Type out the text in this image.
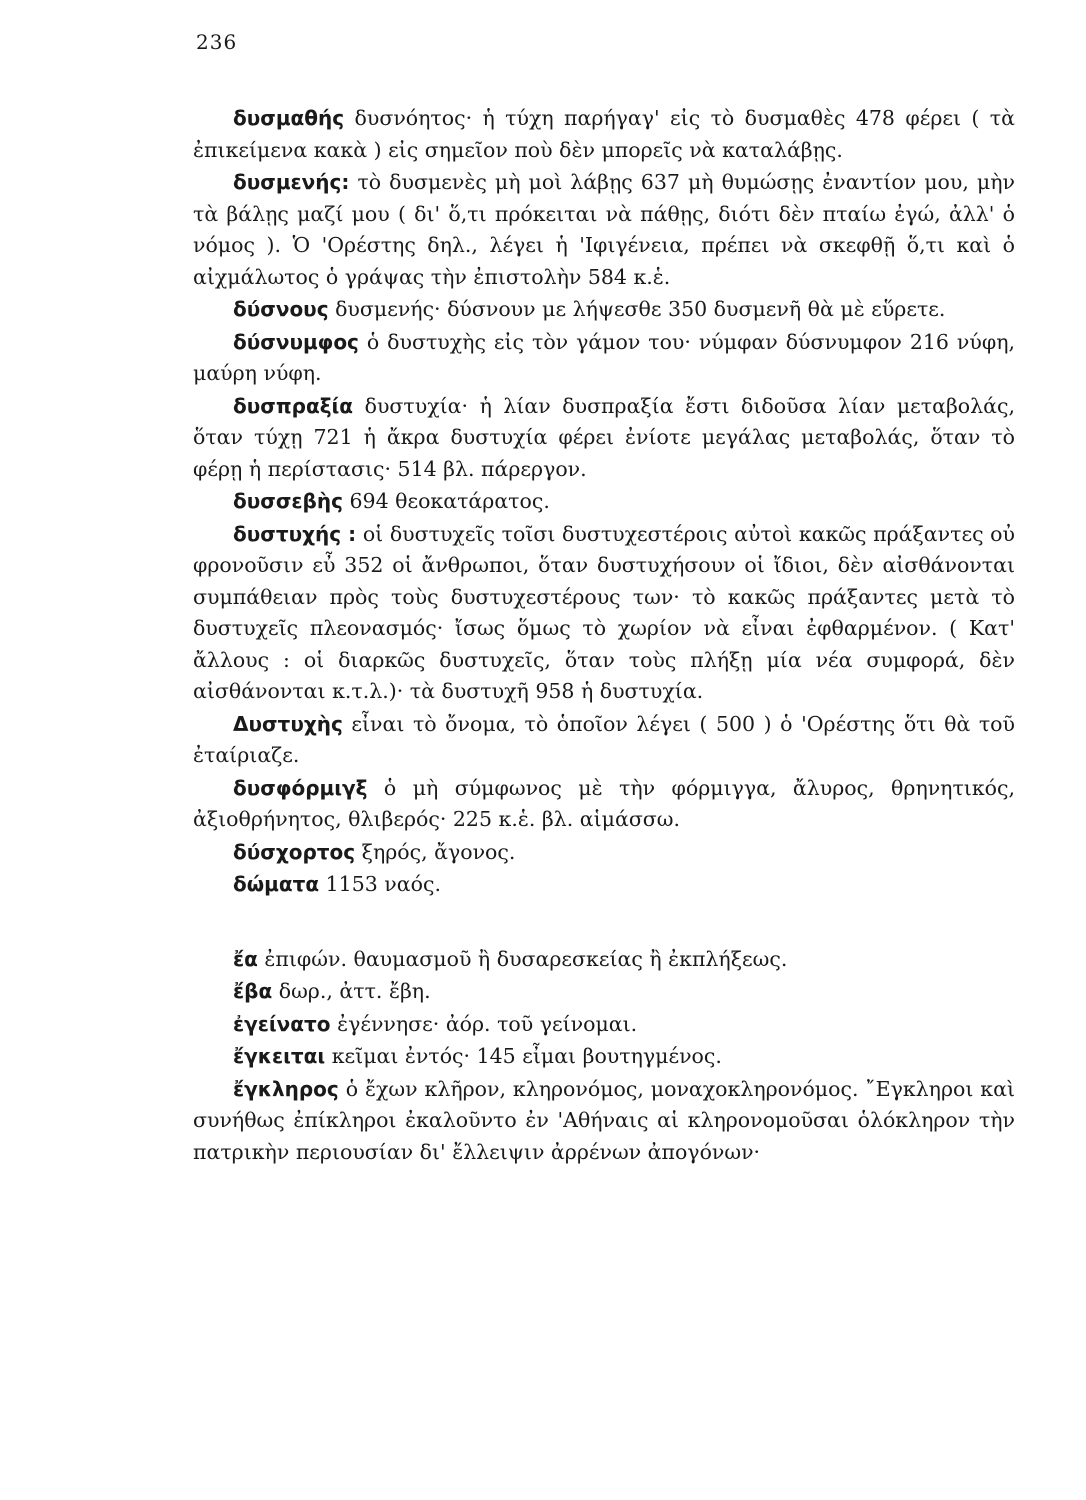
236

δυσμαθής δυσνόητος· ἡ τύχη παρήγαγ' εἰς τὸ δυσμαθὲς 478 φέρει ( τὰ ἐπικείμενα κακὰ ) εἰς σημεῖον ποὺ δὲν μπορεῖς νὰ καταλάβῃς.

δυσμενής: τὸ δυσμενὲς μὴ μοὶ λάβῃς 637 μὴ θυμώσῃς ἐναντίον μου, μὴν τὰ βάλῃς μαζί μου ( δι' ὅ,τι πρόκειται νὰ πάθῃς, διότι δὲν πταίω ἐγώ, ἀλλ' ὁ νόμος ). Ὁ 'Ορέστης δηλ., λέγει ἡ 'Ιφιγένεια, πρέπει νὰ σκεφθῇ ὅ,τι καὶ ὁ αἰχμάλωτος ὁ γράψας τὴν ἐπιστολὴν 584 κ.ἑ.

δύσνους δυσμενής· δύσνουν με λήψεσθε 350 δυσμενῆ θὰ μὲ εὕρετε.

δύσνυμφος ὁ δυστυχὴς εἰς τὸν γάμον του· νύμφαν δύσνυμφον 216 νύφη, μαύρη νύφη.

δυσπραξία δυστυχία· ἡ λίαν δυσπραξία ἔστι διδοῦσα λίαν μεταβολάς, ὅταν τύχῃ 721 ἡ ἄκρα δυστυχία φέρει ἐνίοτε μεγάλας μεταβολάς, ὅταν τὸ φέρῃ ἡ περίστασις· 514 βλ. πάρεργον.

δυσσεβὴς 694 θεοκατάρατος.

δυστυχής : οἱ δυστυχεῖς τοῖσι δυστυχεστέροις αὐτοὶ κακῶς πράξαντες οὐ φρονοῦσιν εὖ 352 οἱ ἄνθρωποι, ὅταν δυστυχήσουν οἱ ἴδιοι, δὲν αἰσθάνονται συμπάθειαν πρὸς τοὺς δυστυχεστέρους των· τὸ κακῶς πράξαντες μετὰ τὸ δυστυχεῖς πλεονασμός· ἴσως ὅμως τὸ χωρίον νὰ εἶναι ἐφθαρμένον. ( Κατ' ἄλλους : οἱ διαρκῶς δυστυχεῖς, ὅταν τοὺς πλήξῃ μία νέα συμφορά, δὲν αἰσθάνονται κ.τ.λ.)· τὰ δυστυχῆ 958 ἡ δυστυχία.

Δυστυχὴς εἶναι τὸ ὄνομα, τὸ ὁποῖον λέγει ( 500 ) ὁ 'Ορέστης ὅτι θὰ τοῦ ἐταίριαζε.

δυσφόρμιγξ ὁ μὴ σύμφωνος μὲ τὴν φόρμιγγα, ἄλυρος, θρηνητικός, ἀξιοθρήνητος, θλιβερός· 225 κ.ἑ. βλ. αἱμάσσω.

δύσχορτος ξηρός, ἄγονος.

δώματα 1153 ναός.

ἔα ἐπιφών. θαυμασμοῦ ἢ δυσαρεσκείας ἢ ἐκπλήξεως.

ἔβα δωρ., ἀττ. ἔβη.

ἐγείνατο ἐγέννησε· ἀόρ. τοῦ γείνομαι.

ἔγκειται κεῖμαι ἐντός· 145 εἶμαι βουτηγμένος.

ἔγκληρος ὁ ἔχων κλῆρον, κληρονόμος, μοναχοκληρονόμος. ῎Εγκληροι καὶ συνήθως ἐπίκληροι ἐκαλοῦντο ἐν 'Αθήναις αἱ κληρονομοῦσαι ὁλόκληρον τὴν πατρικὴν περιουσίαν δι' ἔλλειψιν ἀρρένων ἀπογόνων·
